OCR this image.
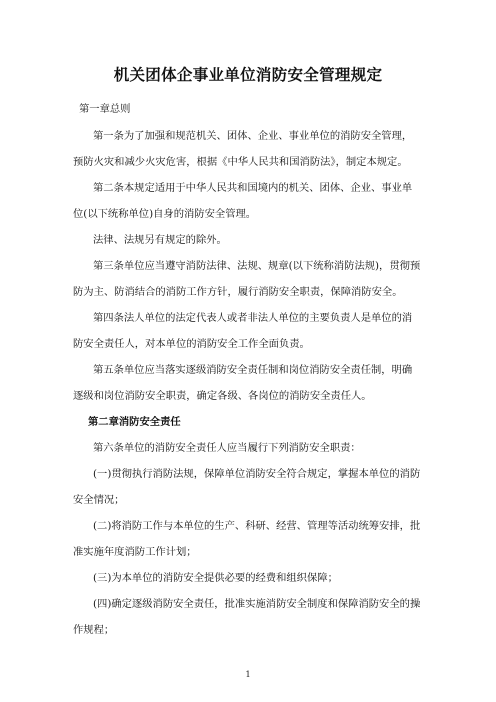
机关团体企事业单位消防安全管理规定
第一章总则
第一条为了加强和规范机关、团体、企业、事业单位的消防安全管理，
预防火灾和减少火灾危害，根据《中华人民共和国消防法》，制定本规定。
第二条本规定适用于中华人民共和国境内的机关、团体、企业、事业单
位(以下统称单位)自身的消防安全管理。
法律、法规另有规定的除外。
第三条单位应当遵守消防法律、法规、规章(以下统称消防法规)，贯彻预
防为主、防消结合的消防工作方针，履行消防安全职责，保障消防安全。
第四条法人单位的法定代表人或者非法人单位的主要负责人是单位的消
防安全责任人，对本单位的消防安全工作全面负责。
第五条单位应当落实逐级消防安全责任制和岗位消防安全责任制，明确
逐级和岗位消防安全职责，确定各级、各岗位的消防安全责任人。
第二章消防安全责任
第六条单位的消防安全责任人应当履行下列消防安全职责：
(一)贯彻执行消防法规，保障单位消防安全符合规定，掌握本单位的消防
安全情况；
(二)将消防工作与本单位的生产、科研、经营、管理等活动统筹安排，批
准实施年度消防工作计划；
(三)为本单位的消防安全提供必要的经费和组织保障；
(四)确定逐级消防安全责任，批准实施消防安全制度和保障消防安全的操
作规程；
1
